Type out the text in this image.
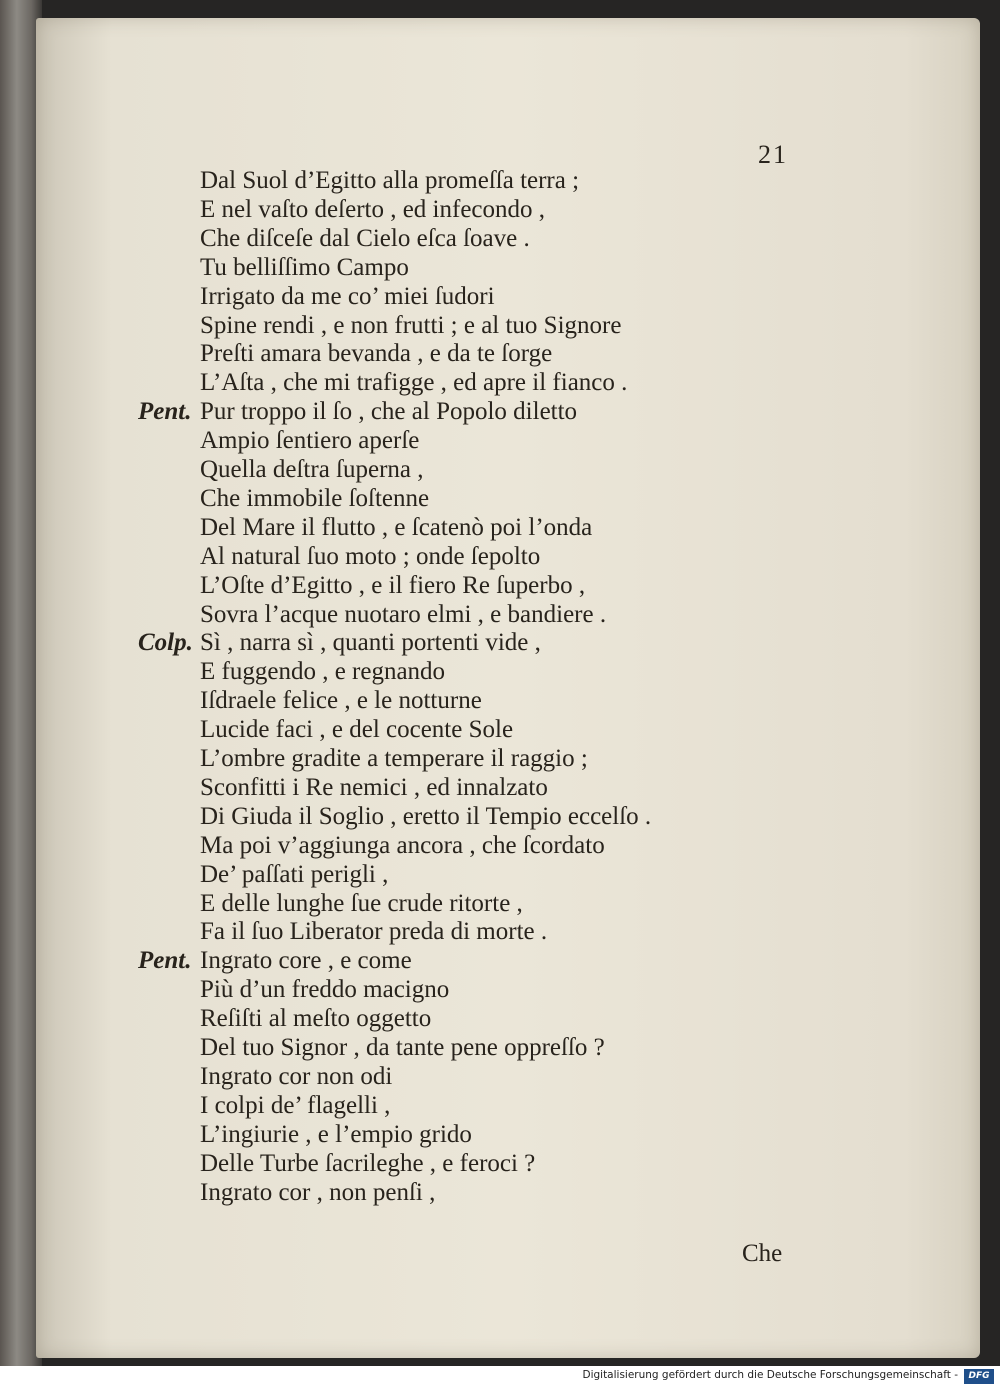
21
Dal Suol d’Egitto alla promeſſa terra ;
E nel vaſto deſerto , ed infecondo ,
Che diſceſe dal Cielo eſca ſoave .
Tu belliſſimo Campo
Irrigato da me co’ miei ſudori
Spine rendi , e non frutti ; e al tuo Signore
Preſti amara bevanda , e da te ſorge
L’Aſta , che mi trafigge , ed apre il fianco .
Pent. Pur troppo il ſo , che al Popolo diletto
Ampio ſentiero aperſe
Quella deſtra ſuperna ,
Che immobile ſoſtenne
Del Mare il flutto , e ſcatenò poi l’onda
Al natural ſuo moto ; onde ſepolto
L’Oſte d’Egitto , e il fiero Re ſuperbo ,
Sovra l’acque nuotaro elmi , e bandiere .
Colp. Sì , narra sì , quanti portenti vide ,
E fuggendo , e regnando
Iſdraele felice , e le notturne
Lucide faci , e del cocente Sole
L’ombre gradite a temperare il raggio ;
Sconfitti i Re nemici , ed innalzato
Di Giuda il Soglio , eretto il Tempio eccelſo .
Ma poi v’aggiunga ancora , che ſcordato
De’ paſſati perigli ,
E delle lunghe ſue crude ritorte ,
Fa il ſuo Liberator preda di morte .
Pent. Ingrato core , e come
Più d’un freddo macigno
Reſiſti al meſto oggetto
Del tuo Signor , da tante pene oppreſſo ?
Ingrato cor non odi
I colpi de’ flagelli ,
L’ingiurie , e l’empio grido
Delle Turbe ſacrileghe , e feroci ?
Ingrato cor , non penſi ,
Che
Digitalisierung gefördert durch die Deutsche Forschungsgemeinschaft -	DFG
